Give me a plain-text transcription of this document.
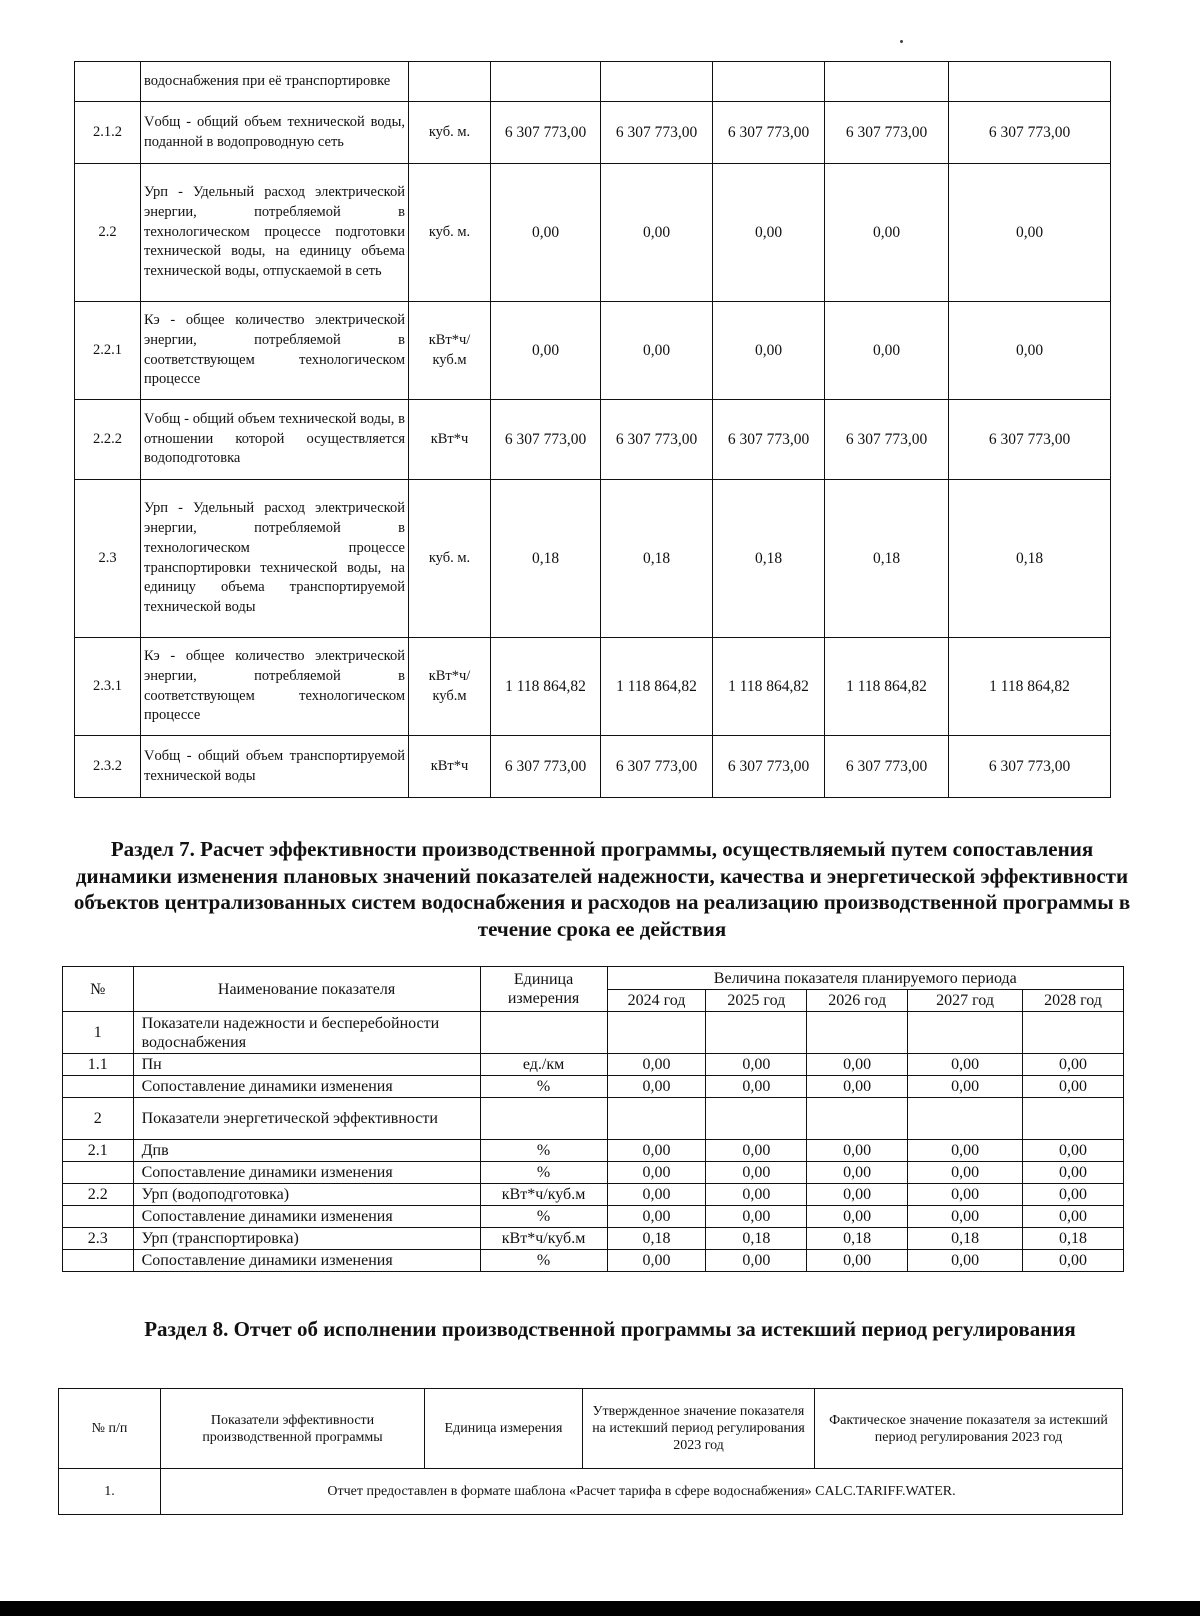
	водоснабжения при её транспортировке						
2.1.2	Vобщ - общий объем технической воды, поданной в водопроводную сеть	куб. м.	6 307 773,00	6 307 773,00	6 307 773,00	6 307 773,00	6 307 773,00
2.2	Урп - Удельный расход электрической энергии, потребляемой в технологическом процессе подготовки технической воды, на единицу объема технической воды, отпускаемой в сеть	куб. м.	0,00	0,00	0,00	0,00	0,00
2.2.1	Кэ - общее количество электрической энергии, потребляемой в соответствующем технологическом процессе	кВт*ч/ куб.м	0,00	0,00	0,00	0,00	0,00
2.2.2	Vобщ - общий объем технической воды, в отношении которой осуществляется водоподготовка	кВт*ч	6 307 773,00	6 307 773,00	6 307 773,00	6 307 773,00	6 307 773,00
2.3	Урп - Удельный расход электрической энергии, потребляемой в технологическом процессе транспортировки технической воды, на единицу объема транспортируемой технической воды	куб. м.	0,18	0,18	0,18	0,18	0,18
2.3.1	Кэ - общее количество электрической энергии, потребляемой в соответствующем технологическом процессе	кВт*ч/ куб.м	1 118 864,82	1 118 864,82	1 118 864,82	1 118 864,82	1 118 864,82
2.3.2	Vобщ - общий объем транспортируемой технической воды	кВт*ч	6 307 773,00	6 307 773,00	6 307 773,00	6 307 773,00	6 307 773,00
Раздел 7. Расчет эффективности производственной программы, осуществляемый путем сопоставления динамики изменения плановых значений показателей надежности, качества и энергетической эффективности объектов централизованных систем водоснабжения и расходов на реализацию производственной программы в течение срока ее действия
№	Наименование показателя	Единица измерения	Величина показателя планируемого периода				
			2024 год	2025 год	2026 год	2027 год	2028 год
1	Показатели надежности и бесперебойности водоснабжения						
1.1	Пн	ед./км	0,00	0,00	0,00	0,00	0,00
	Сопоставление динамики изменения	%	0,00	0,00	0,00	0,00	0,00
2	Показатели энергетической эффективности						
2.1	Дпв	%	0,00	0,00	0,00	0,00	0,00
	Сопоставление динамики изменения	%	0,00	0,00	0,00	0,00	0,00
2.2	Урп (водоподготовка)	кВт*ч/куб.м	0,00	0,00	0,00	0,00	0,00
	Сопоставление динамики изменения	%	0,00	0,00	0,00	0,00	0,00
2.3	Урп (транспортировка)	кВт*ч/куб.м	0,18	0,18	0,18	0,18	0,18
	Сопоставление динамики изменения	%	0,00	0,00	0,00	0,00	0,00
Раздел 8. Отчет об исполнении производственной программы за истекший период регулирования
№ п/п	Показатели эффективности производственной программы	Единица измерения	Утвержденное значение показателя на истекший период регулирования 2023 год	Фактическое значение показателя за истекший период регулирования 2023 год
1.	Отчет предоставлен в формате шаблона «Расчет тарифа в сфере водоснабжения» CALC.TARIFF.WATER.			
